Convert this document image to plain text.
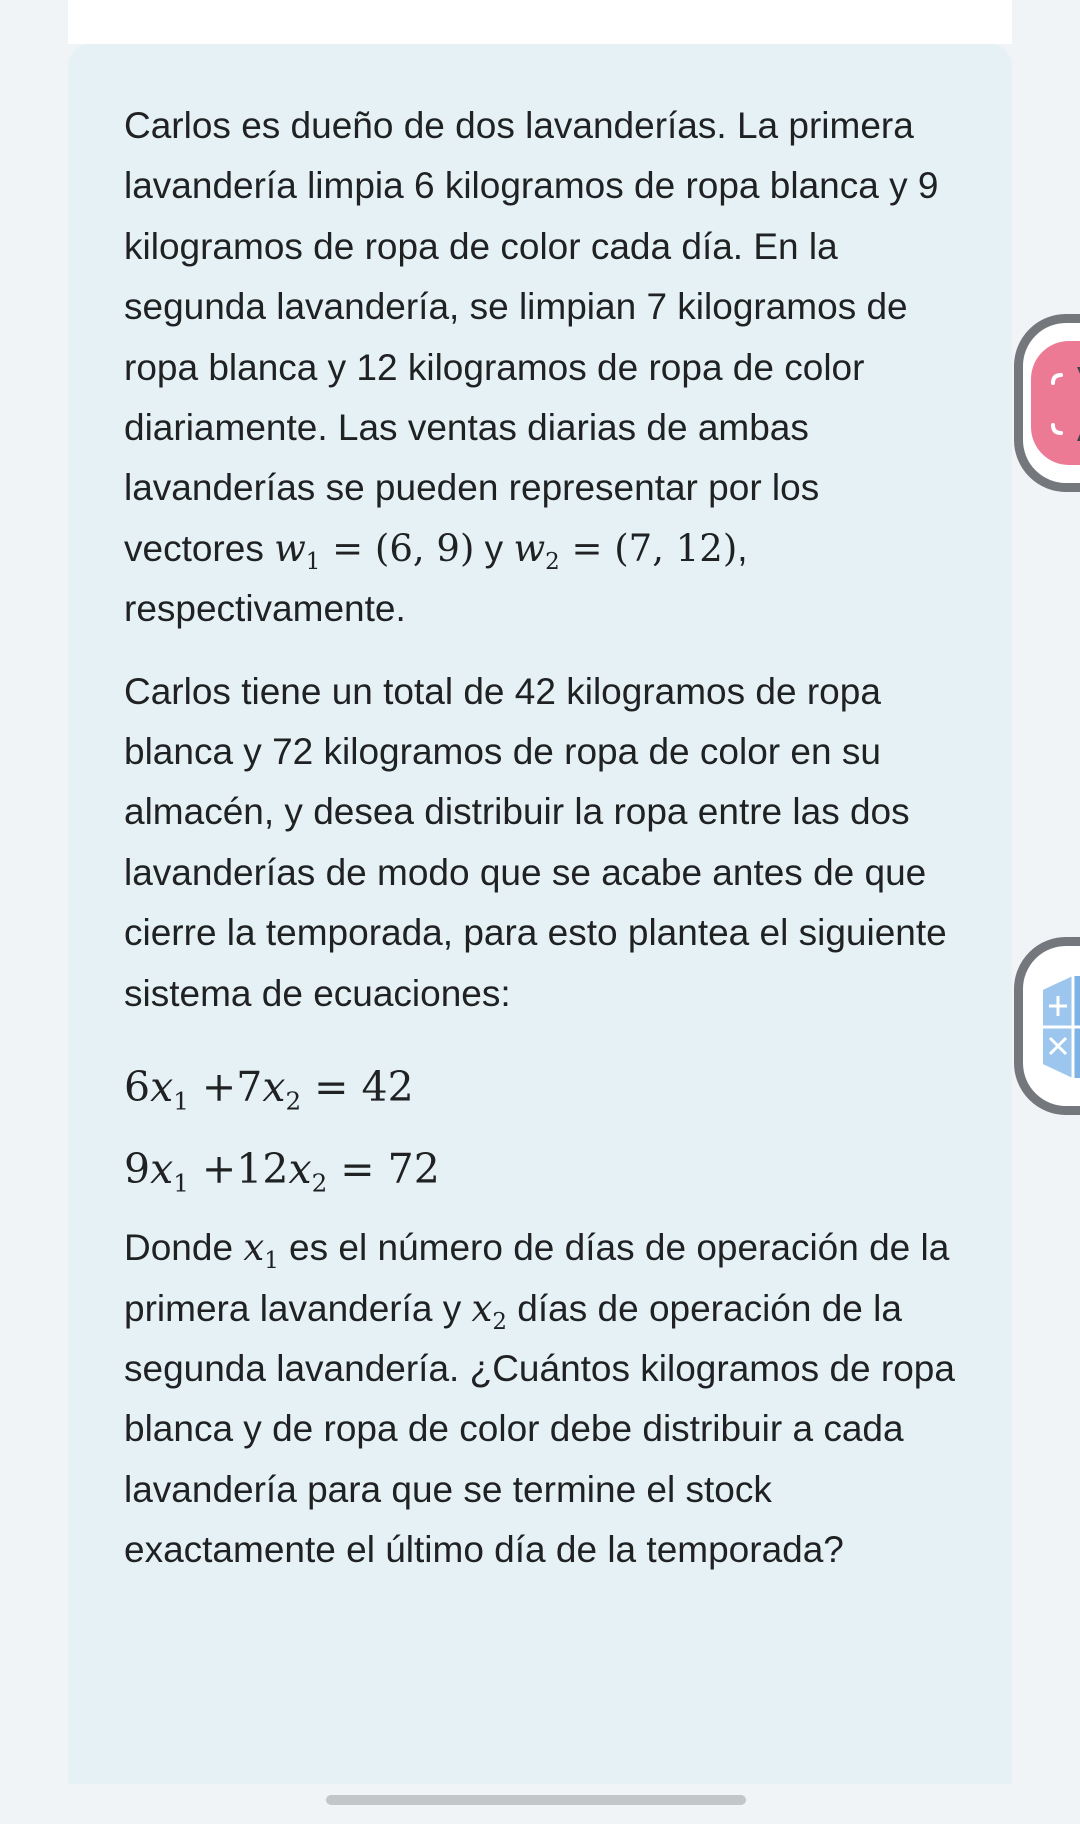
Carlos es dueño de dos lavanderías. La primera lavandería limpia 6 kilogramos de ropa blanca y 9 kilogramos de ropa de color cada día. En la segunda lavandería, se limpian 7 kilogramos de ropa blanca y 12 kilogramos de ropa de color diariamente. Las ventas diarias de ambas lavanderías se pueden representar por los vectores $w_1 = (6$, 9) y $w_2 = (7$, 12), respectivamente.

Carlos tiene un total de 42 kilogramos de ropa blanca y 72 kilogramos de ropa de color en su almacén, y desea distribuir la ropa entre las dos lavanderías de modo que se acabe antes de que cierre la temporada, para esto plantea el siguiente sistema de ecuaciones:

$6x_1 +7x_2 = 42$
$9x_1 +12x_2 = 72$

Donde $x_1$ es el número de días de operación de la primera lavandería y $x_2$ días de operación de la segunda lavandería. ¿Cuántos kilogramos de ropa blanca y de ropa de color debe distribuir a cada lavandería para que se termine el stock exactamente el último día de la temporada?
